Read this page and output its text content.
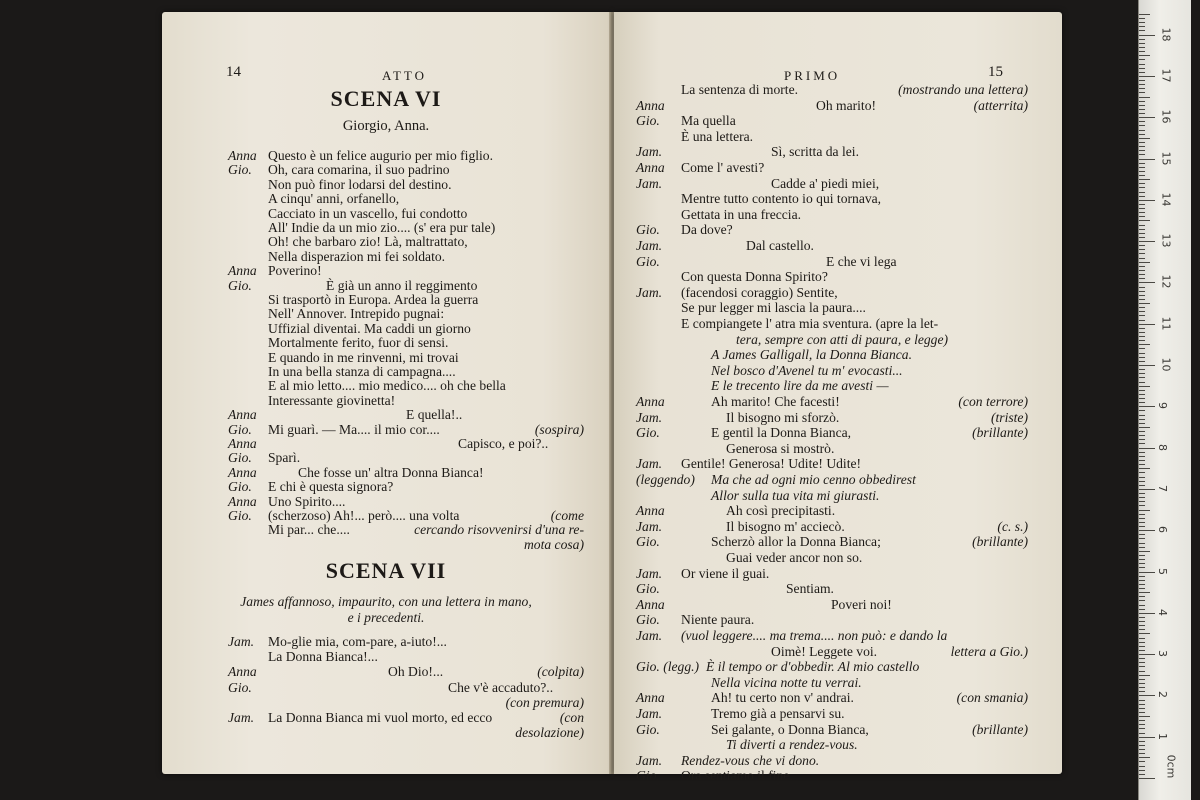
14	ATTO
SCENA VI
Giorgio, Anna.
Anna Questo è un felice augurio per mio figlio.
Gio. Oh, cara comarina, il suo padrino
Non può finor lodarsi del destino.
A cinqu' anni, orfanello,
Cacciato in un vascello, fui condotto
All' Indie da un mio zio.... (s' era pur tale)
Oh! che barbaro zio! Là, maltrattato,
Nella disperazion mi fei soldato.
Anna Poverino!
Gio.	È già un anno il reggimento
Si trasportò in Europa. Ardea la guerra
Nell' Annover. Intrepido pugnai:
Uffizial diventai. Ma caddi un giorno
Mortalmente ferito, fuor di sensi.
E quando in me rinvenni, mi trovai
In una bella stanza di campagna....
E al mio letto.... mio medico.... oh che bella
Interessante giovinetta!
Anna	E quella!..
Gio. Mi guarì. — Ma.... il mio cor....	(sospira)
Anna	Capisco, e poi?..
Gio. Sparì.
Anna	Che fosse un' altra Donna Bianca!
Gio. E chi è questa signora?
Anna Uno Spirito....
Gio. (scherzoso) Ah!... però.... una volta	(come
Mi par... che....	cercando risovvenirsi d'una re-
mota cosa)
SCENA VII
James affannoso, impaurito, con una lettera in mano,
e i precedenti.
Jam. Mo-glie mia, com-pare, a-iuto!...
La Donna Bianca!...
Anna	Oh Dio!...	(colpita)
Gio.	Che v'è accaduto?..
(con premura)
Jam. La Donna Bianca mi vuol morto, ed ecco	(con
desolazione)
PRIMO	15
La sentenza di morte.	(mostrando una lettera)
Anna	Oh marito!	(atterrita)
Gio. Ma quella
È una lettera.
Jam.	Sì, scritta da lei.
Anna Come l' avesti?
Jam.	Cadde a' piedi miei,
Mentre tutto contento io qui tornava,
Gettata in una freccia.
Gio. Da dove?
Jam.	Dal castello.
Gio.	E che vi lega
Con questa Donna Spirito?
Jam. (facendosi coraggio) Sentite,
Se pur legger mi lascia la paura....
E compiangete l' atra mia sventura. (apre la let-
tera, sempre con atti di paura, e legge)
A James Galligall, la Donna Bianca.
Nel bosco d'Avenel tu m' evocasti...
E le trecento lire da me avesti —
Anna	Ah marito! Che facesti!	(con terrore)
Jam.	Il bisogno mi sforzò.	(triste)
Gio.	E gentil la Donna Bianca,	(brillante)
Generosa si mostrò.
Jam. Gentile! Generosa! Udite! Udite!
(leggendo) Ma che ad ogni mio cenno obbedirest
Allor sulla tua vita mi giurasti.
Anna	Ah così precipitasti.
Jam.	Il bisogno m' acciecò.	(c. s.)
Gio.	Scherzò allor la Donna Bianca;	(brillante)
Guai veder ancor non so.
Jam. Or viene il guai.
Gio.	Sentiam.
Anna	Poveri noi!
Gio. Niente paura.
Jam. (vuol leggere.... ma trema.... non può: e dando la
Oimè! Leggete voi.	lettera a Gio.)
Gio. (legg.) È il tempo or d'obbedir. Al mio castello
Nella vicina notte tu verrai.
Anna	Ah! tu certo non v' andrai.	(con smania)
Jam.	Tremo già a pensarvi su.
Gio.	Sei galante, o Donna Bianca,	(brillante)
Ti diverti a rendez-vous.
Jam. Rendez-vous che vi dono.
Gio. Ora sentiamo il fine.	0cm
1
2
3
4
5
6
7
8
9
10
11
12
13
14
15
16
17
18
